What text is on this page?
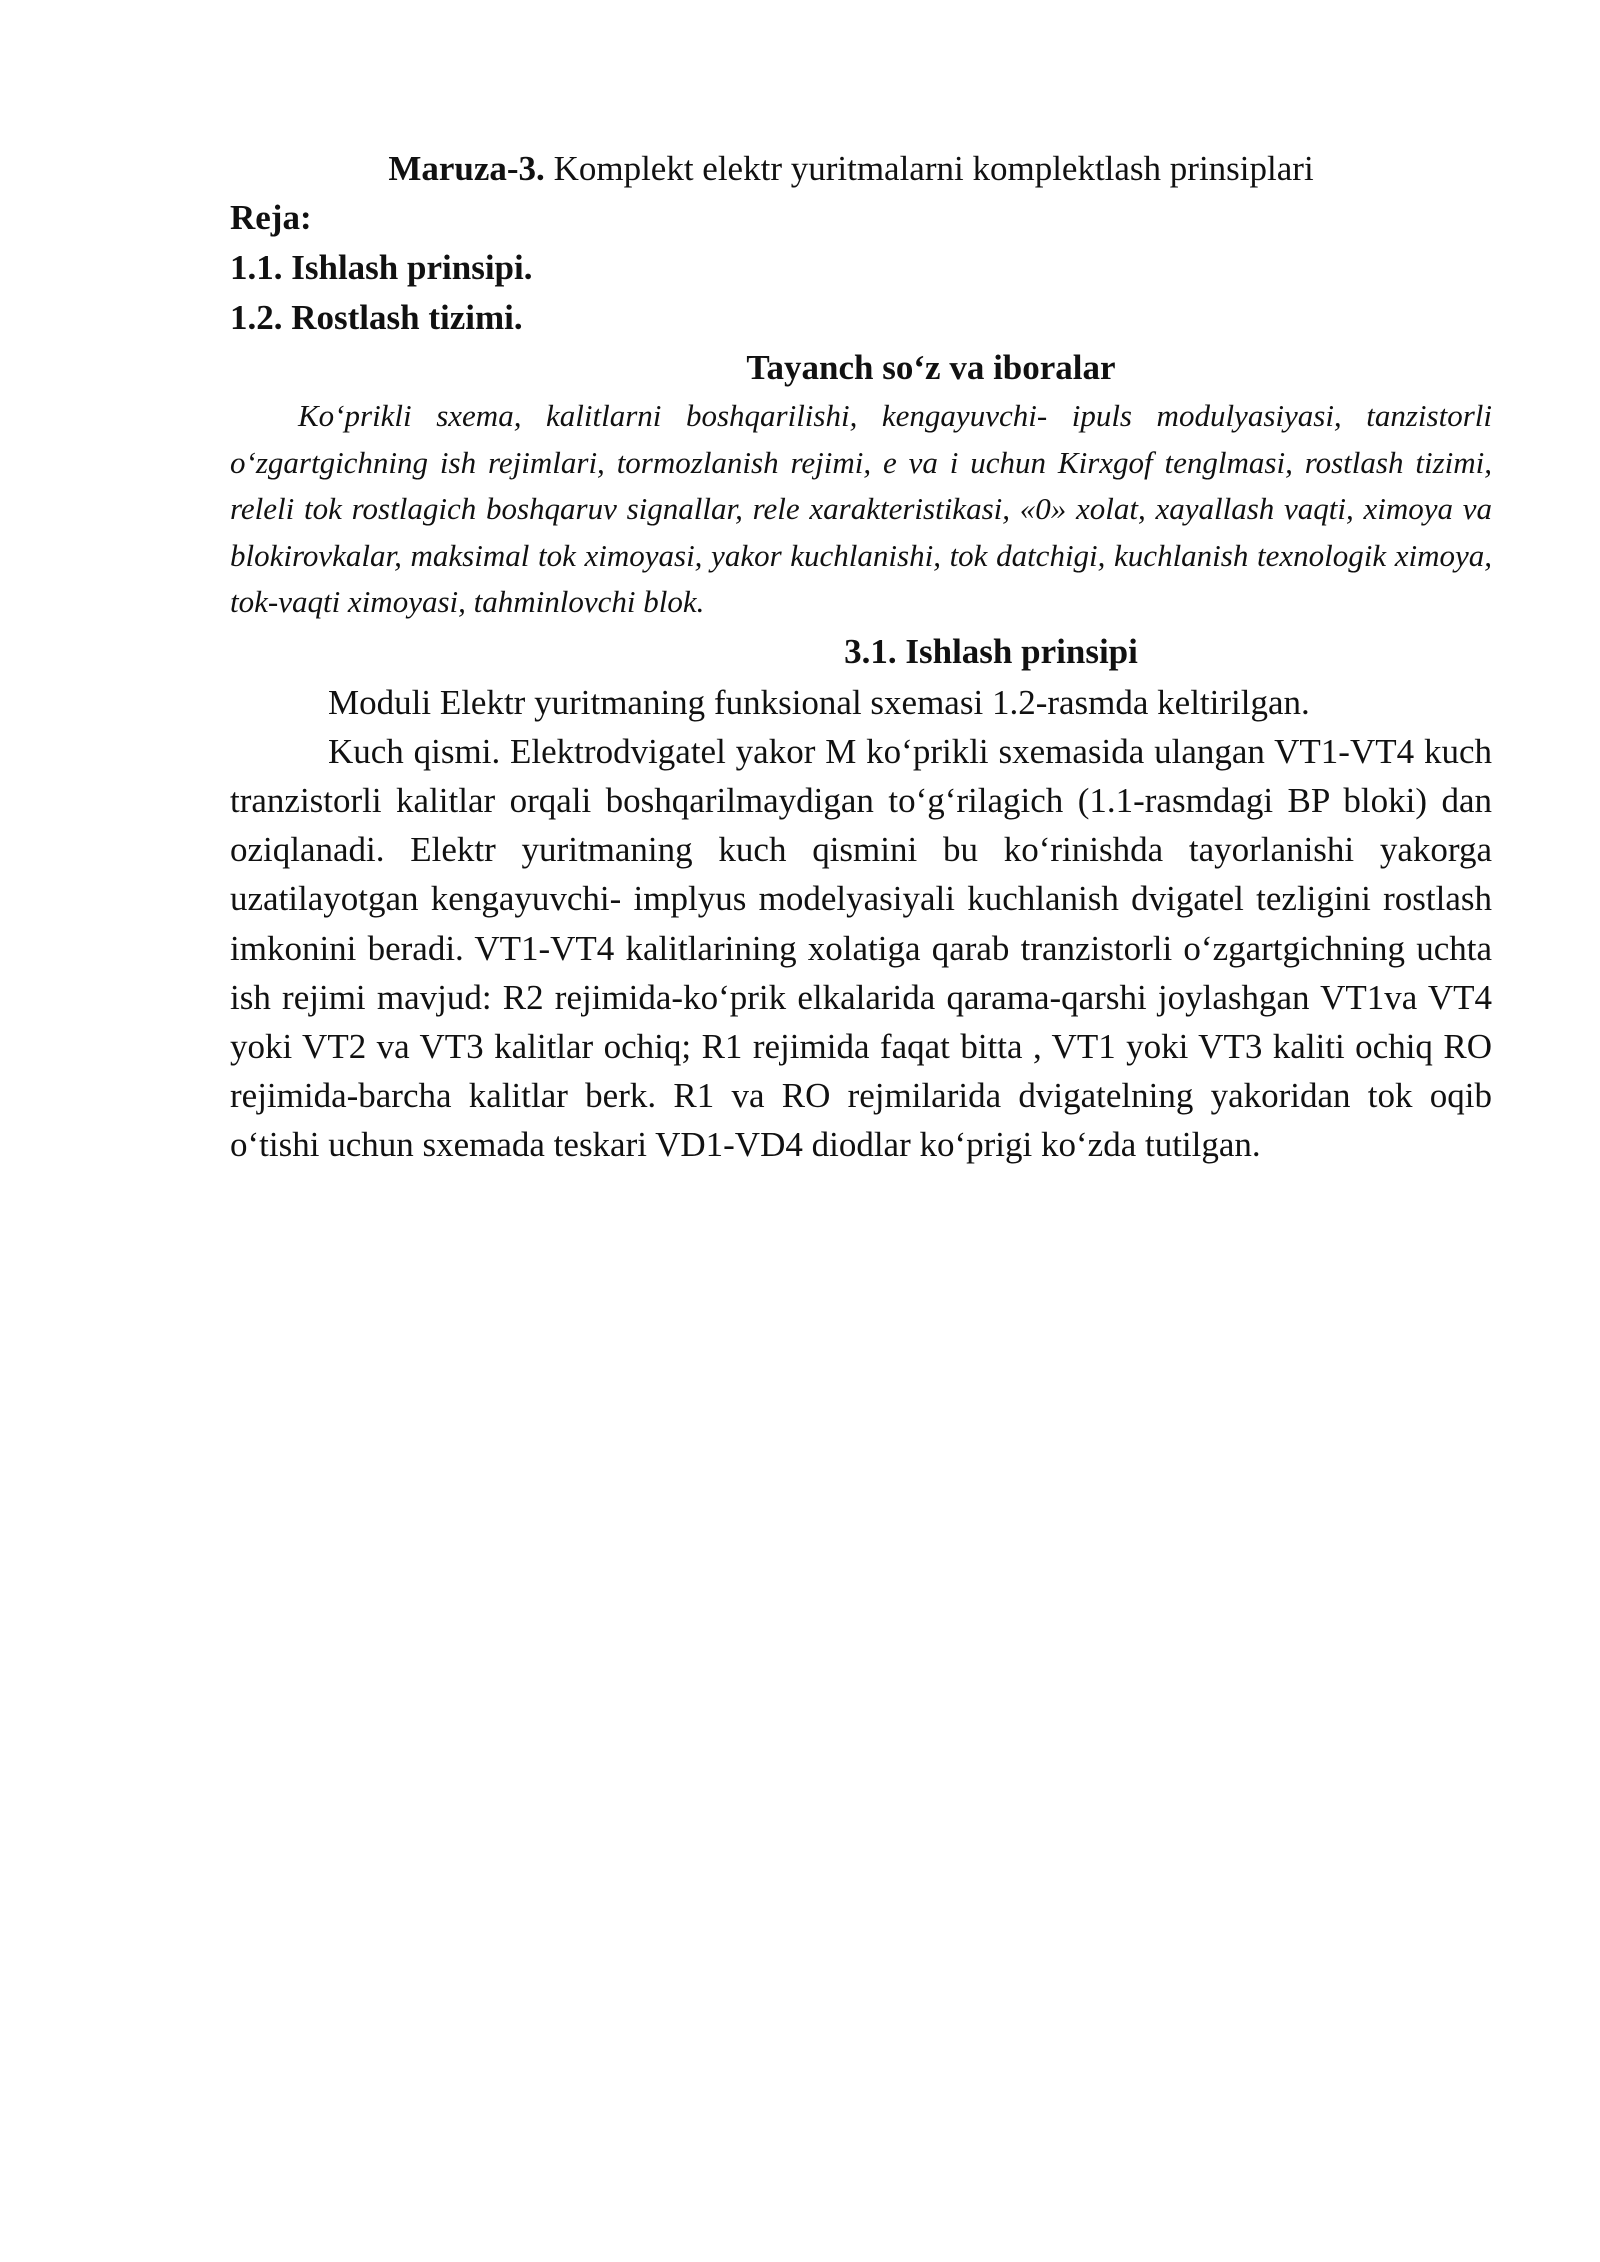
Maruza-3. Komplekt elektr yuritmalarni komplektlash prinsiplari

Reja:

1.1. Ishlash prinsipi.

1.2. Rostlash tizimi.

Tayanch so‘z va iboralar

Ko‘prikli sxema, kalitlarni boshqarilishi, kengayuvchi- ipuls modulyasiyasi, tanzistorli o‘zgartgichning ish rejimlari, tormozlanish rejimi, e va i uchun Kirxgof tenglmasi, rostlash tizimi, releli tok rostlagich boshqaruv signallar, rele xarakteristikasi, «0» xolat, xayallash vaqti, ximoya va blokirovkalar, maksimal tok ximoyasi, yakor kuchlanishi, tok datchigi, kuchlanish texnologik ximoya, tok-vaqti ximoyasi, tahminlovchi blok.

3.1. Ishlash prinsipi

Moduli Elektr yuritmaning funksional sxemasi 1.2-rasmda keltirilgan.

Kuch qismi. Elektrodvigatel yakor M ko‘prikli sxemasida ulangan VT1-VT4 kuch tranzistorli kalitlar orqali boshqarilmaydigan to‘g‘rilagich (1.1-rasmdagi BP bloki) dan oziqlanadi. Elektr yuritmaning kuch qismini bu ko‘rinishda tayorlanishi yakorga uzatilayotgan kengayuvchi- implyus modelyasiyali kuchlanish dvigatel tezligini rostlash imkonini beradi. VT1-VT4 kalitlarining xolatiga qarab tranzistorli o‘zgartgichning uchta ish rejimi mavjud: R2 rejimida-ko‘prik elkalarida qarama-qarshi joylashgan VT1va VT4 yoki VT2 va VT3 kalitlar ochiq; R1 rejimida faqat bitta , VT1 yoki VT3 kaliti ochiq RO rejimida-barcha kalitlar berk. R1 va RO rejmilarida dvigatelning yakoridan tok oqib o‘tishi uchun sxemada teskari VD1-VD4 diodlar ko‘prigi ko‘zda tutilgan.
